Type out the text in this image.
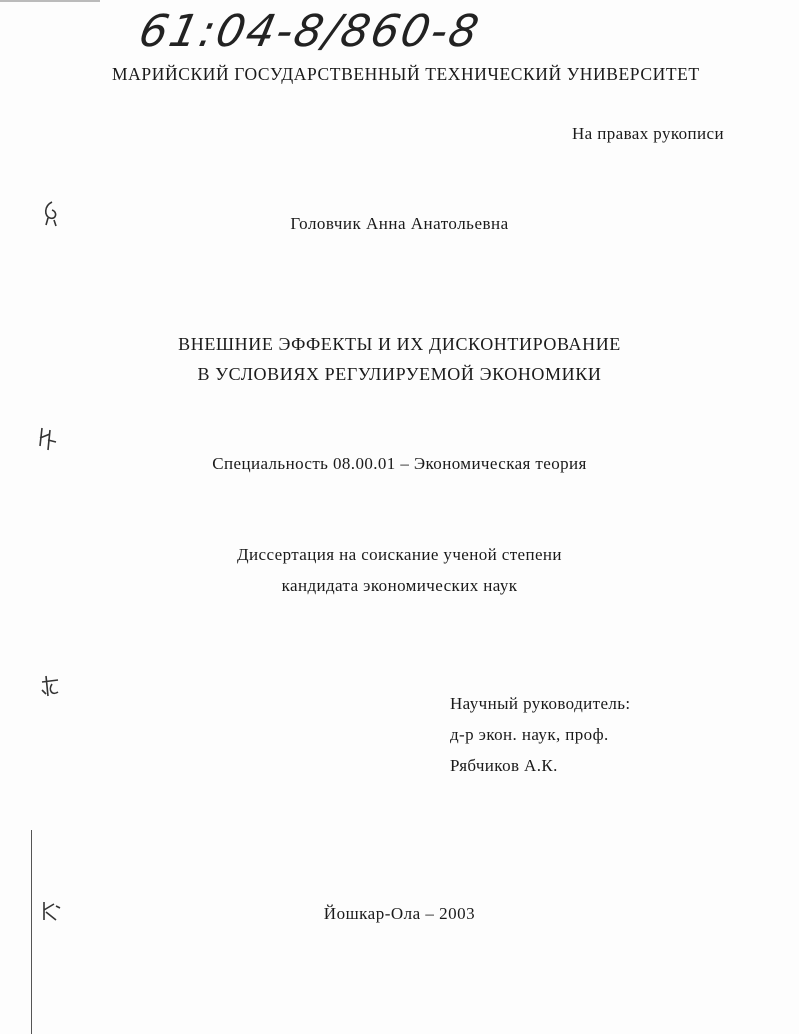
61:04-8/860-8
МАРИЙСКИЙ ГОСУДАРСТВЕННЫЙ ТЕХНИЧЕСКИЙ УНИВЕРСИТЕТ
На правах рукописи
Головчик Анна Анатольевна
ВНЕШНИЕ ЭФФЕКТЫ И ИХ ДИСКОНТИРОВАНИЕ
В УСЛОВИЯХ РЕГУЛИРУЕМОЙ ЭКОНОМИКИ
Специальность 08.00.01 – Экономическая теория
Диссертация на соискание ученой степени
кандидата экономических наук
Научный руководитель:
д-р экон. наук, проф.
Рябчиков А.К.
Йошкар-Ола – 2003
